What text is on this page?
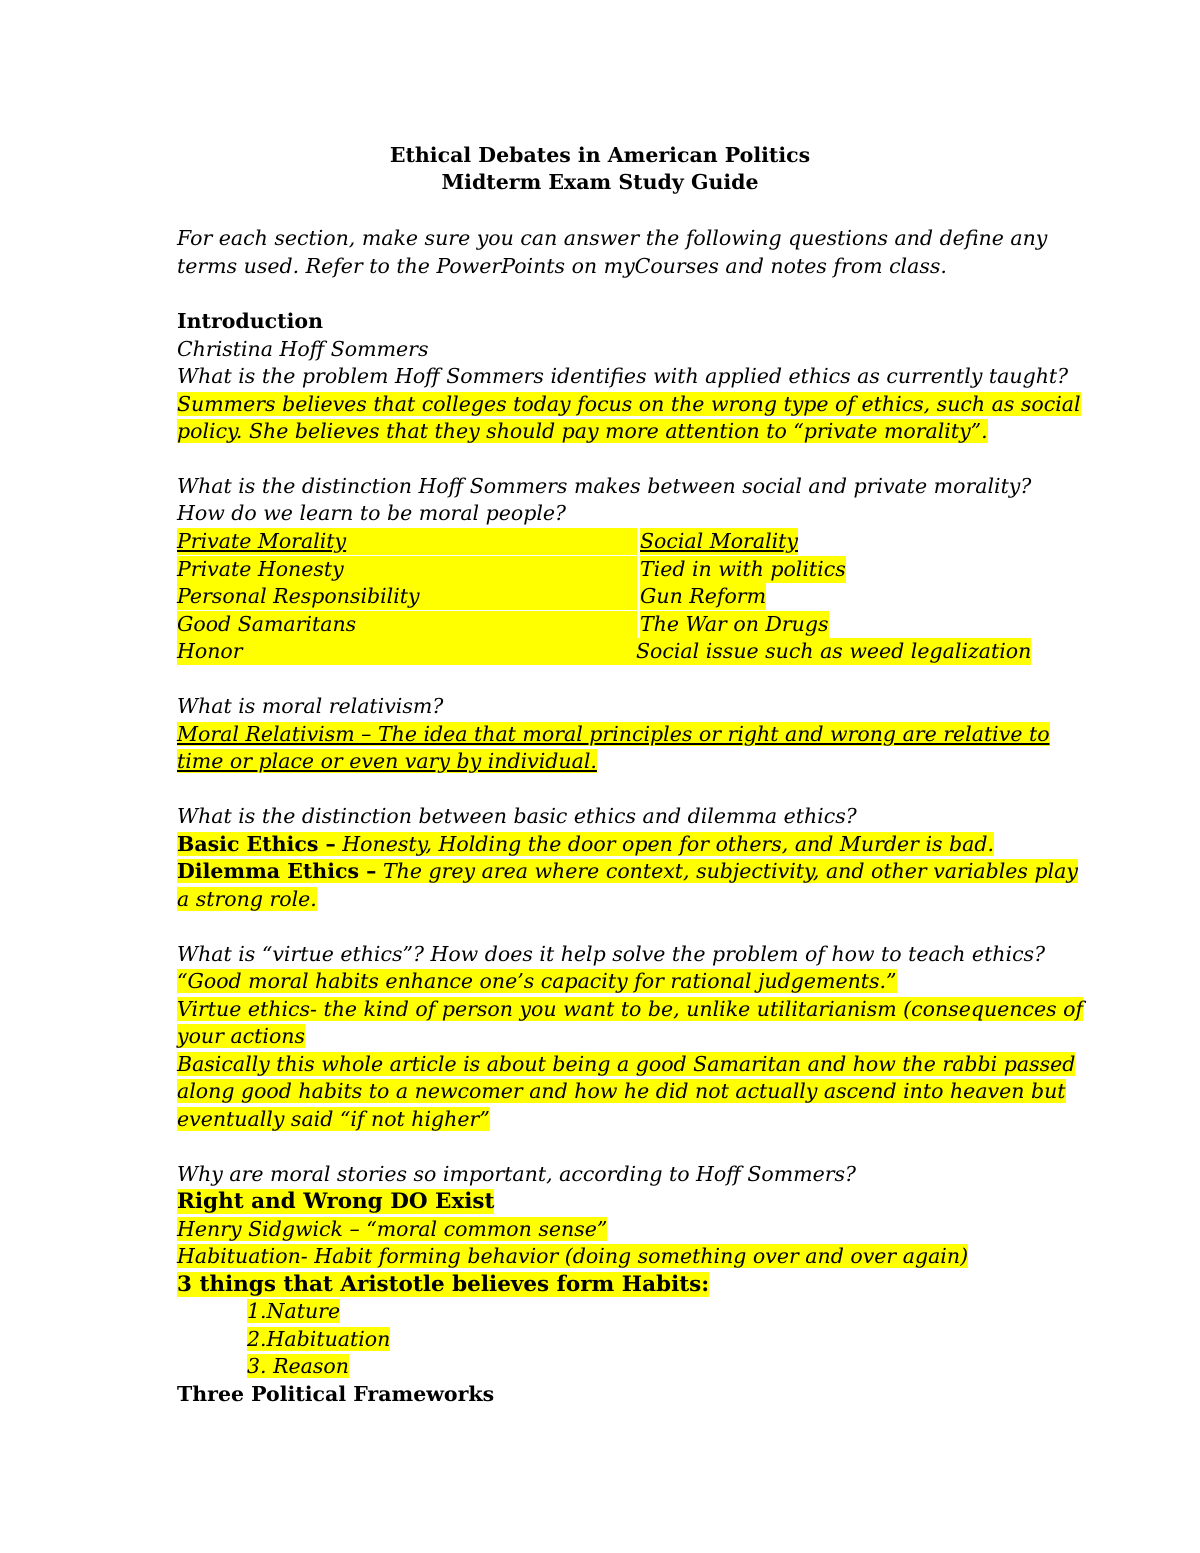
Ethical Debates in American Politics
Midterm Exam Study Guide
For each section, make sure you can answer the following questions and define any
terms used. Refer to the PowerPoints on myCourses and notes from class.
Introduction
Christina Hoff Sommers
What is the problem Hoff Sommers identifies with applied ethics as currently taught?
Summers believes that colleges today focus on the wrong type of ethics, such as social
policy. She believes that they should pay more attention to “private morality”.
What is the distinction Hoff Sommers makes between social and private morality?
How do we learn to be moral people?
Private Morality
Private Honesty
Personal Responsibility
Good Samaritans
Honor
Social Morality
Tied in with politics
Gun Reform
The War on Drugs
Social issue such as weed legalization
What is moral relativism?
Moral Relativism – The idea that moral principles or right and wrong are relative to
time or place or even vary by individual.
What is the distinction between basic ethics and dilemma ethics?
Basic Ethics – Honesty, Holding the door open for others, and Murder is bad.
Dilemma Ethics – The grey area where context, subjectivity, and other variables play
a strong role.
What is “virtue ethics”? How does it help solve the problem of how to teach ethics?
“Good moral habits enhance one’s capacity for rational judgements.”
Virtue ethics- the kind of person you want to be, unlike utilitarianism (consequences of
your actions
Basically this whole article is about being a good Samaritan and how the rabbi passed
along good habits to a newcomer and how he did not actually ascend into heaven but
eventually said “if not higher”
Why are moral stories so important, according to Hoff Sommers?
Right and Wrong DO Exist
Henry Sidgwick – “moral common sense”
Habituation- Habit forming behavior (doing something over and over again)
3 things that Aristotle believes form Habits:
1.Nature
2.Habituation
3. Reason
Three Political Frameworks
